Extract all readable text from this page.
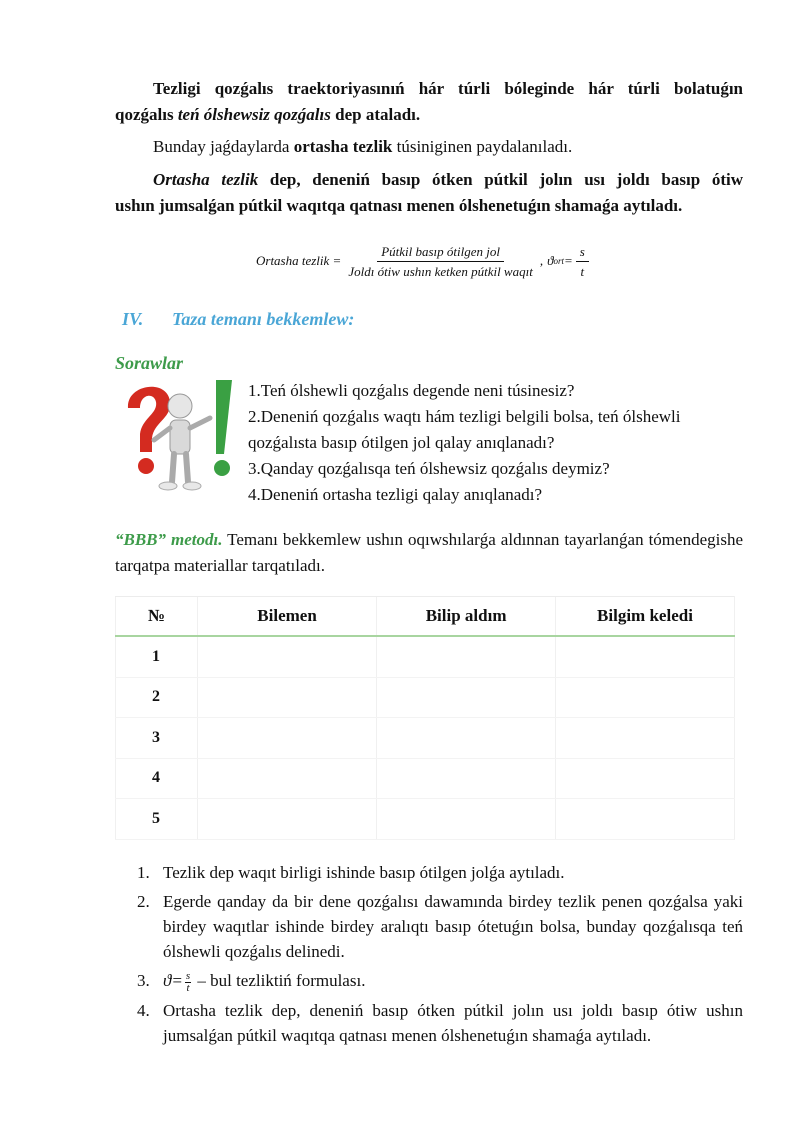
Tezligi qozǵalıs traektoriyasınıń hár túrli bóleginde hár túrli bolatuǵın

qozǵalıs teń ólshewsiz qozǵalıs dep ataladı.

Bunday jaǵdaylarda ortasha tezlik túsiniginen paydalanıladı.

Ortasha tezlik dep, deneniń basıp ótken pútkil jolın usı joldı basıp ótiw

ushın jumsalǵan pútkil waqıtqa qatnası menen ólshenetuǵın shamaǵa aytıladı.

Ortasha tezlik = $\frac{\text{Pútkil basıp ótilgen jol}}{\text{Joldı ótiw ushın ketken pútkil waqıt}}$ , ϑ ort = $\frac{s}{t}$
IV. Taza temanı bekkemlew:
Sorawlar
1.Teń ólshewli qozǵalıs degende neni túsinesiz?
2.Deneniń qozǵalıs waqtı hám tezligi belgili bolsa, teń ólshewli
qozǵalısta basıp ótilgen jol qalay anıqlanadı?
3.Qanday qozǵalısqa teń ólshewsiz qozǵalıs deymiz?
4.Deneniń ortasha tezligi qalay anıqlanadı?

“BBB” metodı. Temanı bekkemlew ushın oqıwshılarǵa aldınnan tayarlanǵan tómendegishe tarqatpa materiallar tarqatıladı.

№	Bilemen	Bilip aldım	Bilgim keledi
1			
2			
3			
4			
5			
1. Tezlik dep waqıt birligi ishinde basıp ótilgen jolǵa aytıladı.
2. Egerde qanday da bir dene qozǵalısı dawamında birdey tezlik penen qozǵalsa yaki birdey waqıtlar ishinde birdey aralıqtı basıp ótetuǵın bolsa, bunday qozǵalısqa teń ólshewli qozǵalıs delinedi.
3. $ϑ= \frac{s}{t}$ – bul tezliktiń formulası.
4. Ortasha tezlik dep, deneniń basıp ótken pútkil jolın usı joldı basıp ótiw ushın jumsalǵan pútkil waqıtqa qatnası menen ólshenetuǵın shamaǵa aytıladı.
